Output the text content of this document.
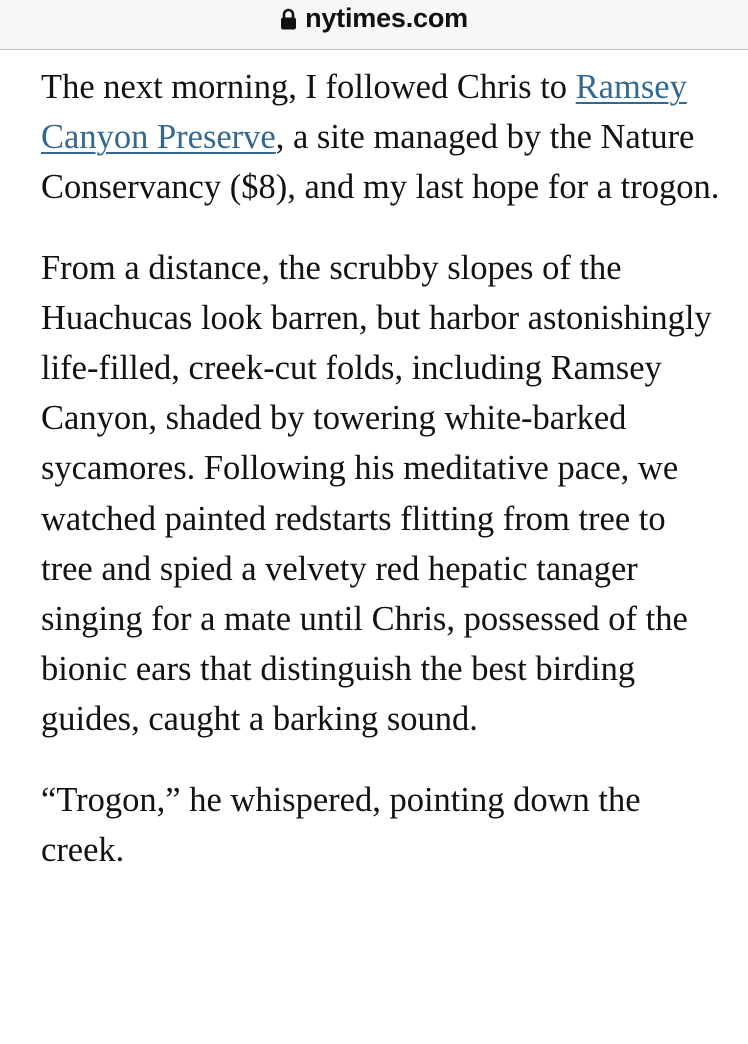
nytimes.com

The next morning, I followed Chris to Ramsey Canyon Preserve, a site managed by the Nature Conservancy ($8), and my last hope for a trogon.

From a distance, the scrubby slopes of the Huachucas look barren, but harbor astonishingly life-filled, creek-cut folds, including Ramsey Canyon, shaded by towering white-barked sycamores. Following his meditative pace, we watched painted redstarts flitting from tree to tree and spied a velvety red hepatic tanager singing for a mate until Chris, possessed of the bionic ears that distinguish the best birding guides, caught a barking sound.

“Trogon,” he whispered, pointing down the creek.
